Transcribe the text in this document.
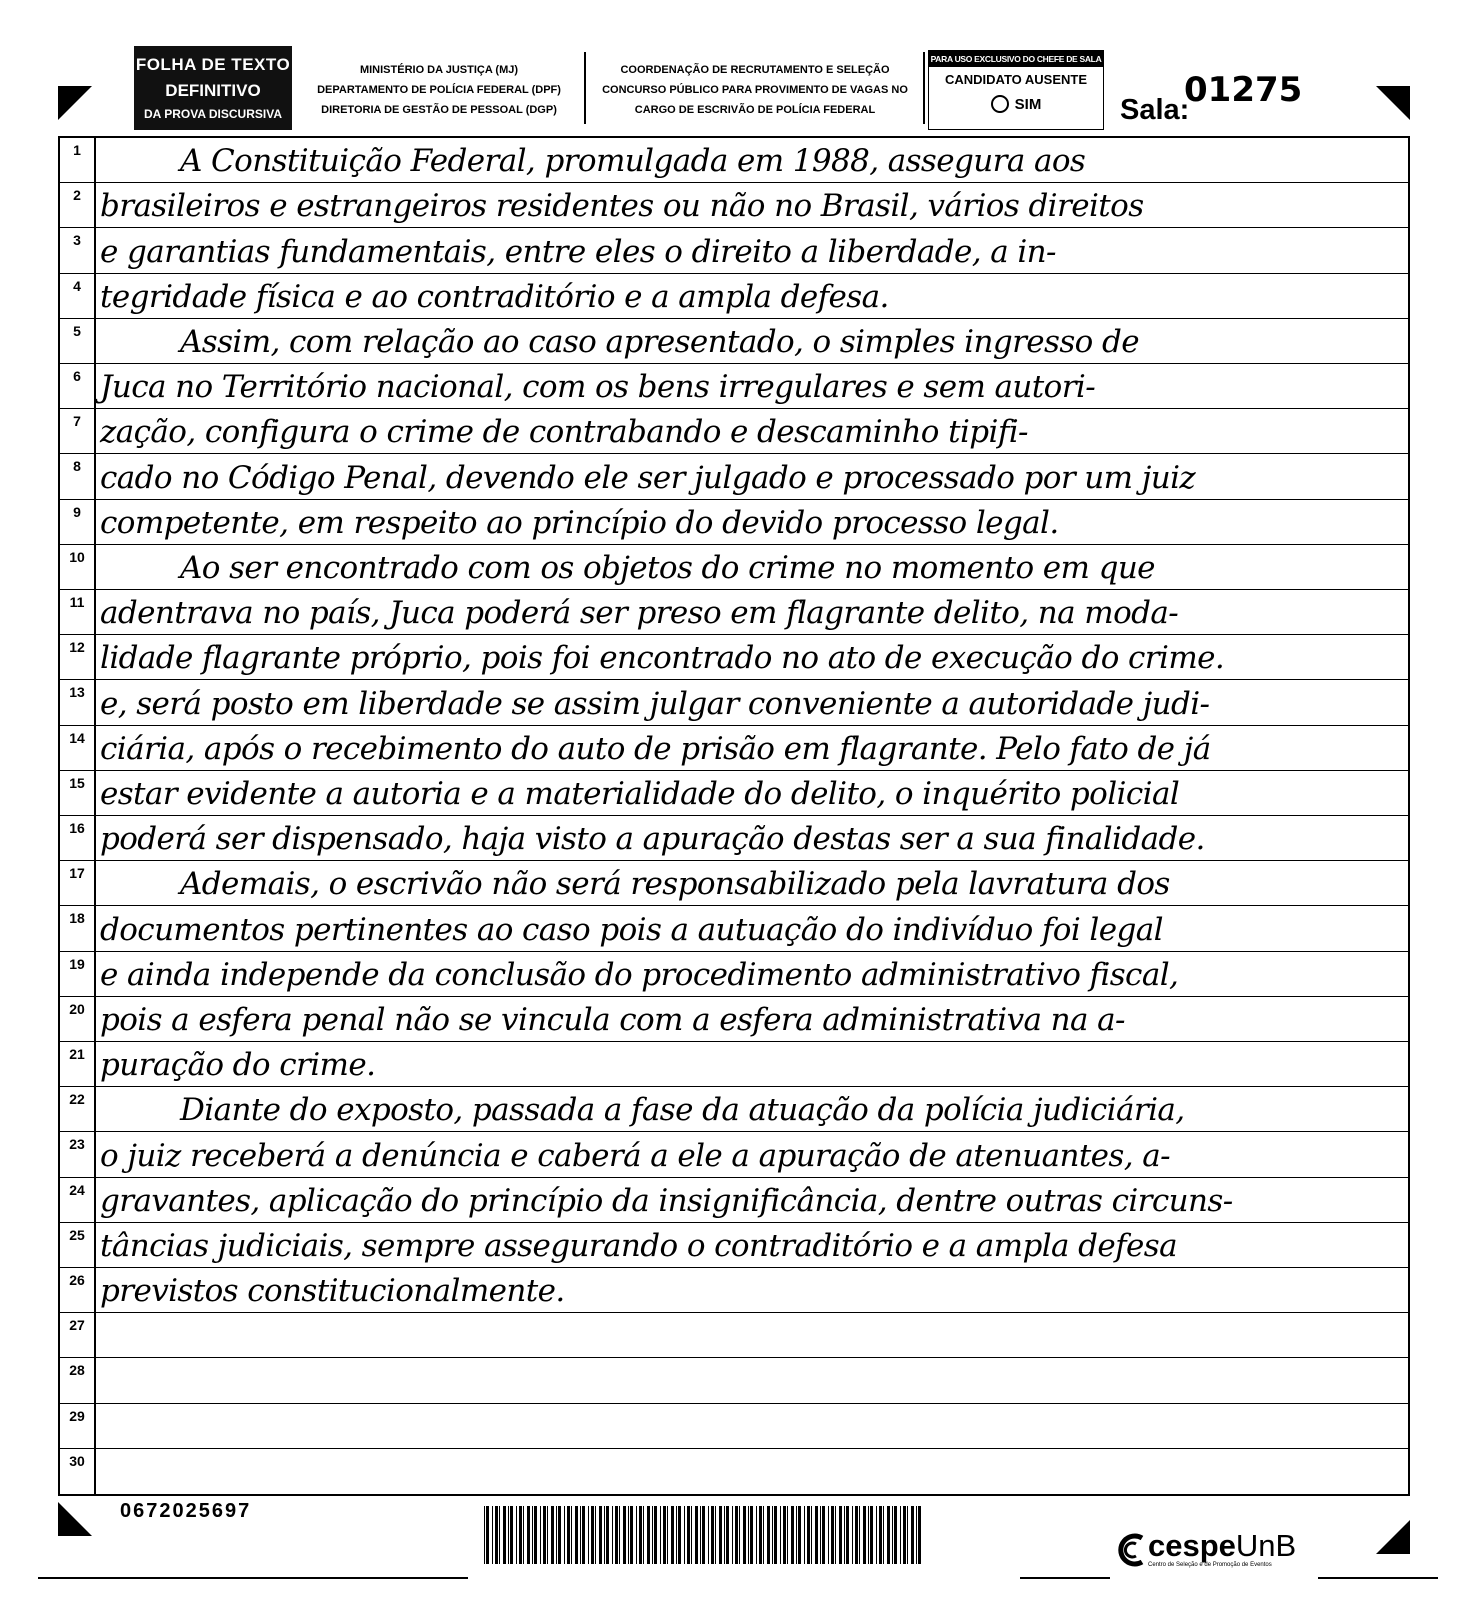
FOLHA DE TEXTO
DEFINITIVO
DA PROVA DISCURSIVA
MINISTÉRIO DA JUSTIÇA (MJ)
DEPARTAMENTO DE POLÍCIA FEDERAL (DPF)
DIRETORIA DE GESTÃO DE PESSOAL (DGP)
COORDENAÇÃO DE RECRUTAMENTO E SELEÇÃO
CONCURSO PÚBLICO PARA PROVIMENTO DE VAGAS NO
CARGO DE ESCRIVÃO DE POLÍCIA FEDERAL
PARA USO EXCLUSIVO DO CHEFE DE SALA
CANDIDATO AUSENTE
SIM	Sala:
01275
1	A Constituição Federal, promulgada em 1988, assegura aos
2 brasileiros e estrangeiros residentes ou não no Brasil, vários direitos
3 e garantias fundamentais, entre eles o direito a liberdade, a in-
4 tegridade física e ao contraditório e a ampla defesa.
5	Assim, com relação ao caso apresentado, o simples ingresso de
6 Juca no Território nacional, com os bens irregulares e sem autori-
7 zação, configura o crime de contrabando e descaminho tipifi-
8 cado no Código Penal, devendo ele ser julgado e processado por um juiz
9 competente, em respeito ao princípio do devido processo legal.
10	Ao ser encontrado com os objetos do crime no momento em que
11 adentrava no país, Juca poderá ser preso em flagrante delito, na moda-
12 lidade flagrante próprio, pois foi encontrado no ato de execução do crime.
13 e, será posto em liberdade se assim julgar conveniente a autoridade judi-
14 ciária, após o recebimento do auto de prisão em flagrante. Pelo fato de já
15 estar evidente a autoria e a materialidade do delito, o inquérito policial
16 poderá ser dispensado, haja visto a apuração destas ser a sua finalidade.
17	Ademais, o escrivão não será responsabilizado pela lavratura dos
18 documentos pertinentes ao caso pois a autuação do indivíduo foi legal
19 e ainda independe da conclusão do procedimento administrativo fiscal,
20 pois a esfera penal não se vincula com a esfera administrativa na a-
21 puração do crime.
22	Diante do exposto, passada a fase da atuação da polícia judiciária,
23 o juiz receberá a denúncia e caberá a ele a apuração de atenuantes, a-
24 gravantes, aplicação do princípio da insignificância, dentre outras circuns-
25 tâncias judiciais, sempre assegurando o contraditório e a ampla defesa
26 previstos constitucionalmente.
27
28
29
30
0672025697
cespeUnB
Centro de Seleção e de Promoção de Eventos
